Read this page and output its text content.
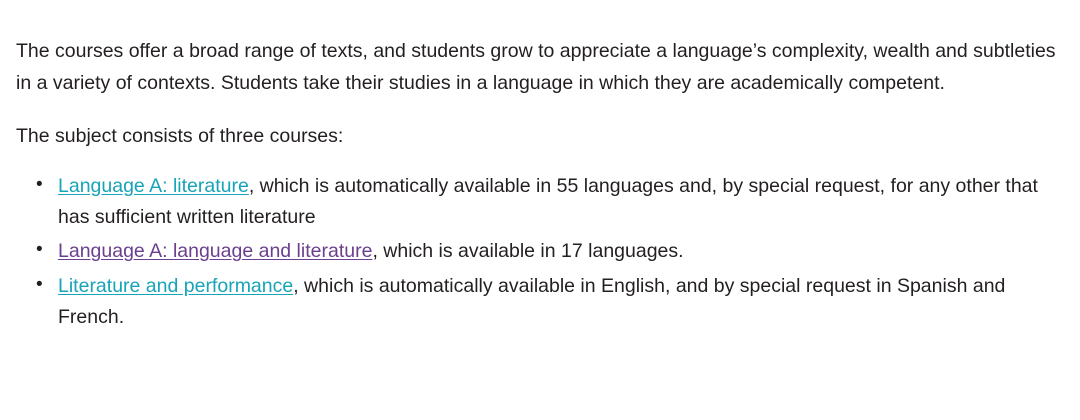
The courses offer a broad range of texts, and students grow to appreciate a language’s complexity, wealth and subtleties in a variety of contexts. Students take their studies in a language in which they are academically competent.

The subject consists of three courses:

• Language A: literature, which is automatically available in 55 languages and, by special request, for any other that has sufficient written literature
• Language A: language and literature, which is available in 17 languages.
• Literature and performance, which is automatically available in English, and by special request in Spanish and French.
